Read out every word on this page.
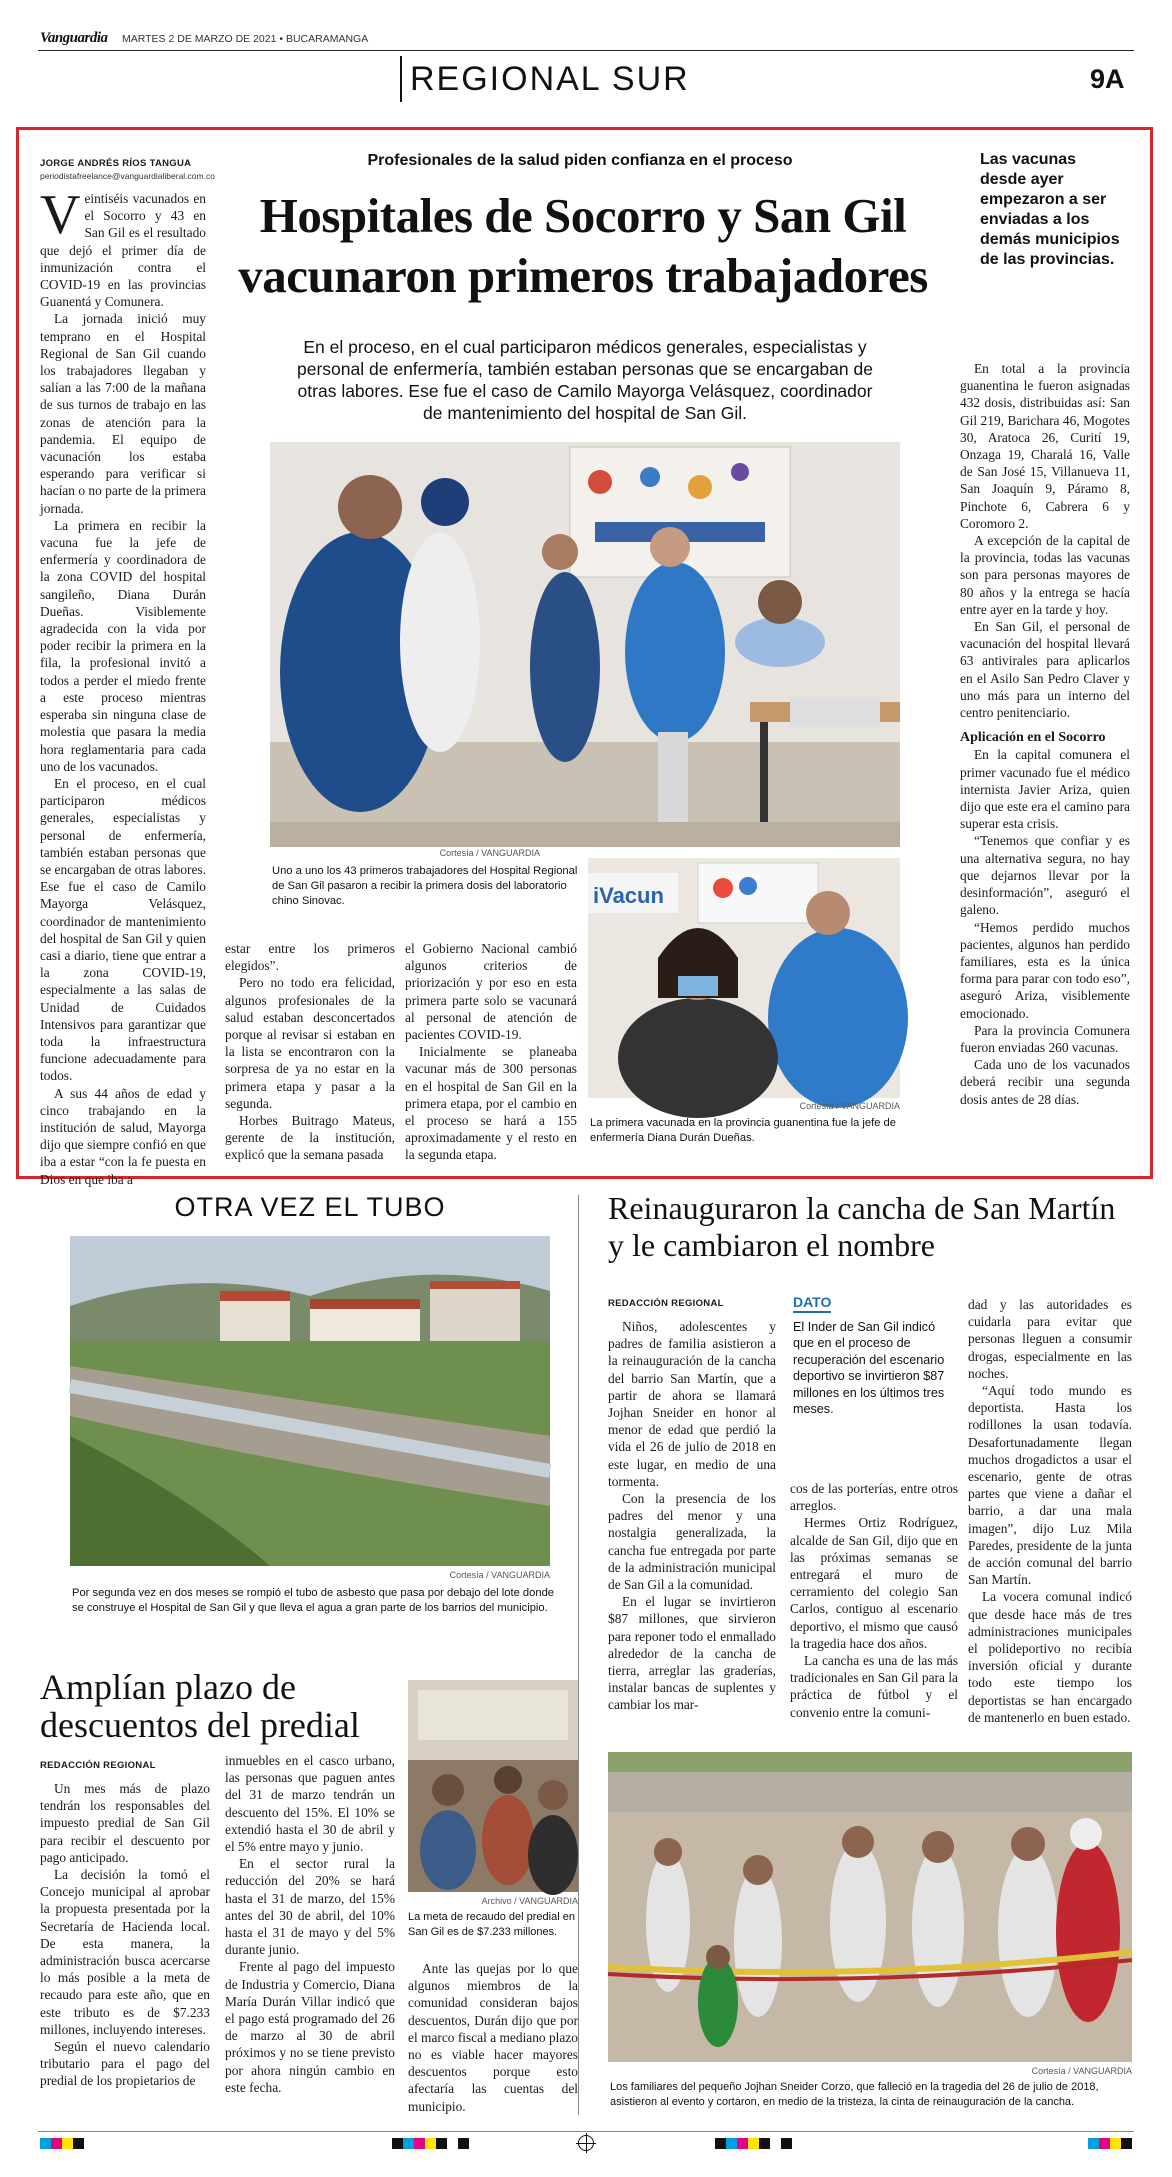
Vanguardia MARTES 2 DE MARZO DE 2021 • BUCARAMANGA
REGIONAL SUR	9A
JORGE ANDRÉS RÍOS TANGUA
periodistafreelance@vanguardialiberal.com.co
Profesionales de la salud piden confianza en el proceso
Hospitales de Socorro y San Gil vacunaron primeros trabajadores
Las vacunas desde ayer empezaron a ser enviadas a los demás municipios de las provincias.
En el proceso, en el cual participaron médicos generales, especialistas y personal de enfermería, también estaban personas que se encargaban de otras labores. Ese fue el caso de Camilo Mayorga Velásquez, coordinador de mantenimiento del hospital de San Gil.

Veintiséis vacunados en el Socorro y 43 en San Gil es el resultado que dejó el primer día de inmunización contra el COVID-19 en las provincias Guanentá y Comunera.

La jornada inició muy temprano en el Hospital Regional de San Gil cuando los trabajadores llegaban y salían a las 7:00 de la mañana de sus turnos de trabajo en las zonas de atención para la pandemia. El equipo de vacunación los estaba esperando para verificar si hacían o no parte de la primera jornada.

La primera en recibir la vacuna fue la jefe de enfermería y coordinadora de la zona COVID del hospital sangileño, Diana Durán Dueñas. Visiblemente agradecida con la vida por poder recibir la primera en la fila, la profesional invitó a todos a perder el miedo frente a este proceso mientras esperaba sin ninguna clase de molestia que pasara la media hora reglamentaria para cada uno de los vacunados.

En el proceso, en el cual participaron médicos generales, especialistas y personal de enfermería, también estaban personas que se encargaban de otras labores. Ese fue el caso de Camilo Mayorga Velásquez, coordinador de mantenimiento del hospital de San Gil y quien casi a diario, tiene que entrar a la zona COVID-19, especialmente a las salas de Unidad de Cuidados Intensivos para garantizar que toda la infraestructura funcione adecuadamente para todos.

A sus 44 años de edad y cinco trabajando en la institución de salud, Mayorga dijo que siempre confió en que iba a estar “con la fe puesta en Dios en que iba a

Cortesía / VANGUARDIA
Uno a uno los 43 primeros trabajadores del Hospital Regional de San Gil pasaron a recibir la primera dosis del laboratorio chino Sinovac.	iVacun
Cortesía / VANGUARDIA
La primera vacunada en la provincia guanentina fue la jefe de enfermería Diana Durán Dueñas.

estar entre los primeros elegidos”.

Pero no todo era felicidad, algunos profesionales de la salud estaban desconcertados porque al revisar si estaban en la lista se encontraron con la sorpresa de ya no estar en la primera etapa y pasar a la segunda.

Horbes Buitrago Mateus, gerente de la institución, explicó que la semana pasada

el Gobierno Nacional cambió algunos criterios de priorización y por eso en esta primera parte solo se vacunará al personal de atención de pacientes COVID-19.

Inicialmente se planeaba vacunar más de 300 personas en el hospital de San Gil en la primera etapa, por el cambio en el proceso se hará a 155 aproximadamente y el resto en la segunda etapa.

En total a la provincia guanentina le fueron asignadas 432 dosis, distribuidas así: San Gil 219, Barichara 46, Mogotes 30, Aratoca 26, Curití 19, Onzaga 19, Charalá 16, Valle de San José 15, Villanueva 11, San Joaquín 9, Páramo 8, Pinchote 6, Cabrera 6 y Coromoro 2.

A excepción de la capital de la provincia, todas las vacunas son para personas mayores de 80 años y la entrega se hacía entre ayer en la tarde y hoy.

En San Gil, el personal de vacunación del hospital llevará 63 antivirales para aplicarlos en el Asilo San Pedro Claver y uno más para un interno del centro penitenciario.

Aplicación en el Socorro

En la capital comunera el primer vacunado fue el médico internista Javier Ariza, quien dijo que este era el camino para superar esta crisis.

“Tenemos que confiar y es una alternativa segura, no hay que dejarnos llevar por la desinformación”, aseguró el galeno.

“Hemos perdido muchos pacientes, algunos han perdido familiares, esta es la única forma para parar con todo eso”, aseguró Ariza, visiblemente emocionado.

Para la provincia Comunera fueron enviadas 260 vacunas.

Cada uno de los vacunados deberá recibir una segunda dosis antes de 28 días.

OTRA VEZ EL TUBO
Cortesía / VANGUARDIA
Por segunda vez en dos meses se rompió el tubo de asbesto que pasa por debajo del lote donde se construye el Hospital de San Gil y que lleva el agua a gran parte de los barrios del municipio.
Amplían plazo de descuentos del predial
REDACCIÓN REGIONAL

Un mes más de plazo tendrán los responsables del impuesto predial de San Gil para recibir el descuento por pago anticipado.

La decisión la tomó el Concejo municipal al aprobar la propuesta presentada por la Secretaría de Hacienda local. De esta manera, la administración busca acercarse lo más posible a la meta de recaudo para este año, que en este tributo es de $7.233 millones, incluyendo intereses.

Según el nuevo calendario tributario para el pago del predial de los propietarios de

inmuebles en el casco urbano, las personas que paguen antes del 31 de marzo tendrán un descuento del 15%. El 10% se extendió hasta el 30 de abril y el 5% entre mayo y junio.

En el sector rural la reducción del 20% se hará hasta el 31 de marzo, del 15% antes del 30 de abril, del 10% hasta el 31 de mayo y del 5% durante junio.

Frente al pago del impuesto de Industria y Comercio, Diana María Durán Villar indicó que el pago está programado del 26 de marzo al 30 de abril próximos y no se tiene previsto por ahora ningún cambio en este fecha.

Archivo / VANGUARDIA
La meta de recaudo del predial en San Gil es de $7.233 millones.

Ante las quejas por lo que algunos miembros de la comunidad consideran bajos descuentos, Durán dijo que por el marco fiscal a mediano plazo no es viable hacer mayores descuentos porque esto afectaría las cuentas del municipio.

Reinauguraron la cancha de San Martín y le cambiaron el nombre
REDACCIÓN REGIONAL

Niños, adolescentes y padres de familia asistieron a la reinauguración de la cancha del barrio San Martín, que a partir de ahora se llamará Jojhan Sneider en honor al menor de edad que perdió la vida el 26 de julio de 2018 en este lugar, en medio de una tormenta.

Con la presencia de los padres del menor y una nostalgia generalizada, la cancha fue entregada por parte de la administración municipal de San Gil a la comunidad.

En el lugar se invirtieron $87 millones, que sirvieron para reponer todo el enmallado alrededor de la cancha de tierra, arreglar las graderías, instalar bancas de suplentes y cambiar los mar-

DATO
El Inder de San Gil indicó que en el proceso de recuperación del escenario deportivo se invirtieron $87 millones en los últimos tres meses.

cos de las porterías, entre otros arreglos.

Hermes Ortiz Rodríguez, alcalde de San Gil, dijo que en las próximas semanas se entregará el muro de cerramiento del colegio San Carlos, contiguo al escenario deportivo, el mismo que causó la tragedia hace dos años.

La cancha es una de las más tradicionales en San Gil para la práctica de fútbol y el convenio entre la comuni-

dad y las autoridades es cuidarla para evitar que personas lleguen a consumir drogas, especialmente en las noches.

“Aquí todo mundo es deportista. Hasta los rodillones la usan todavía. Desafortunadamente llegan muchos drogadictos a usar el escenario, gente de otras partes que viene a dañar el barrio, a dar una mala imagen”, dijo Luz Mila Paredes, presidente de la junta de acción comunal del barrio San Martín.

La vocera comunal indicó que desde hace más de tres administraciones municipales el polideportivo no recibía inversión oficial y durante todo este tiempo los deportistas se han encargado de mantenerlo en buen estado.

Cortesía / VANGUARDIA
Los familiares del pequeño Jojhan Sneider Corzo, que falleció en la tragedia del 26 de julio de 2018, asistieron al evento y cortaron, en medio de la tristeza, la cinta de reinauguración de la cancha.
